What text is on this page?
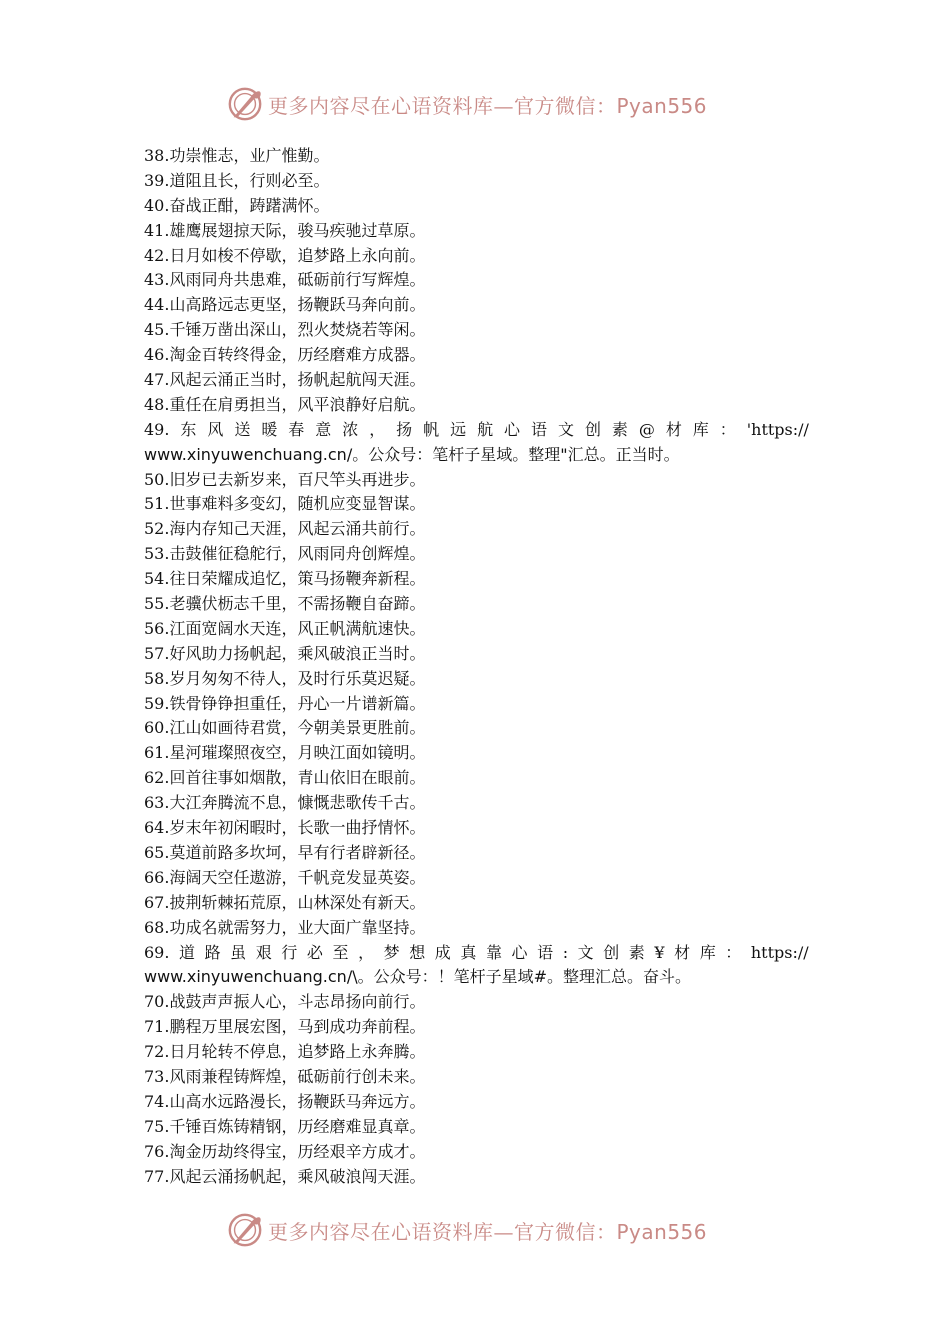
更多内容尽在心语资料库—官方微信：Pyan556
38.功崇惟志，业广惟勤。
39.道阻且长，行则必至。
40.奋战正酣，踌躇满怀。
41.雄鹰展翅掠天际，骏马疾驰过草原。
42.日月如梭不停歇，追梦路上永向前。
43.风雨同舟共患难，砥砺前行写辉煌。
44.山高路远志更坚，扬鞭跃马奔向前。
45.千锤万凿出深山，烈火焚烧若等闲。
46.淘金百转终得金，历经磨难方成器。
47.风起云涌正当时，扬帆起航闯天涯。
48.重任在肩勇担当，风平浪静好启航。
49. 东 风 送 暖 春 意 浓 ， 扬 帆 远 航 心 语 文 创 素 @ 材 库 ： 'https://
www.xinyuwenchuang.cn/。公众号：笔杆子星域。整理"汇总。正当时。
50.旧岁已去新岁来，百尺竿头再进步。
51.世事难料多变幻，随机应变显智谋。
52.海内存知己天涯，风起云涌共前行。
53.击鼓催征稳舵行，风雨同舟创辉煌。
54.往日荣耀成追忆，策马扬鞭奔新程。
55.老骥伏枥志千里，不需扬鞭自奋蹄。
56.江面宽阔水天连，风正帆满航速快。
57.好风助力扬帆起，乘风破浪正当时。
58.岁月匆匆不待人，及时行乐莫迟疑。
59.铁骨铮铮担重任，丹心一片谱新篇。
60.江山如画待君赏，今朝美景更胜前。
61.星河璀璨照夜空，月映江面如镜明。
62.回首往事如烟散，青山依旧在眼前。
63.大江奔腾流不息，慷慨悲歌传千古。
64.岁末年初闲暇时，长歌一曲抒情怀。
65.莫道前路多坎坷，早有行者辟新径。
66.海阔天空任遨游，千帆竞发显英姿。
67.披荆斩棘拓荒原，山林深处有新天。
68.功成名就需努力，业大面广靠坚持。
69. 道 路 虽 艰 行 必 至 ， 梦 想 成 真 靠 心 语 : 文 创 素 ¥ 材 库 ： https://
www.xinyuwenchuang.cn/\。公众号：！笔杆子星域#。整理汇总。奋斗。
70.战鼓声声振人心，斗志昂扬向前行。
71.鹏程万里展宏图，马到成功奔前程。
72.日月轮转不停息，追梦路上永奔腾。
73.风雨兼程铸辉煌，砥砺前行创未来。
74.山高水远路漫长，扬鞭跃马奔远方。
75.千锤百炼铸精钢，历经磨难显真章。
76.淘金历劫终得宝，历经艰辛方成才。
77.风起云涌扬帆起，乘风破浪闯天涯。
更多内容尽在心语资料库—官方微信：Pyan556
